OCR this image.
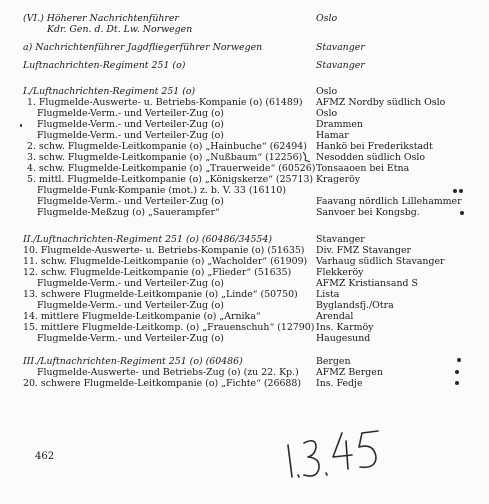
(VI.) Höherer Nachrichtenführer	Oslo
Kdr. Gen. d. Dt. Lw. Norwegen
a) Nachrichtenführer Jagdfliegerführer Norwegen	Stavanger
Luftnachrichten-Regiment 251 (o)	Stavanger
I./Luftnachrichten-Regiment 251 (o)	Oslo
1. Flugmelde-Auswerte- u. Betriebs-Kompanie (o) (61489) AFMZ Nordby südlich Oslo
Flugmelde-Verm.- und Verteiler-Zug (o)	Oslo
Flugmelde-Verm.- und Verteiler-Zug (o)	Drammen
Flugmelde-Verm.- und Verteiler-Zug (o)	Hamar
2. schw. Flugmelde-Leitkompanie (o) „Hainbuche“ (62494) Hankö bei Frederikstadt
3. schw. Flugmelde-Leitkompanie (o) „Nußbaum“ (12256) Nesodden südlich Oslo
4. schw. Flugmelde-Leitkompanie (o) „Trauerweide“ (60526) Tonsaaoen bei Etna
5. mittl. Flugmelde-Leitkompanie (o) „Königskerze“ (25713) Krageröy
Flugmelde-Funk-Kompanie (mot.) z. b. V. 33 (16110)
Flugmelde-Verm.- und Verteiler-Zug (o)	Faavang nördlich Lillehammer
Flugmelde-Meßzug (o) „Sauerampfer“	Sanvoer bei Kongsbg.
II./Luftnachrichten-Regiment 251 (o) (60486/34554)	Stavanger
10. Flugmelde-Auswerte- u. Betriebs-Kompanie (o) (51635) Div. FMZ Stavanger
11. schw. Flugmelde-Leitkompanie (o) „Wacholder“ (61909) Varhaug südlich Stavanger
12. schw. Flugmelde-Leitkompanie (o) „Flieder“ (51635)	Flekkeröy
Flugmelde-Verm.- und Verteiler-Zug (o)	AFMZ Kristiansand S
13. schwere Flugmelde-Leitkompanie (o) „Linde“ (50750) Lista
Flugmelde-Verm.- und Verteiler-Zug (o)	Byglandsfj./Otra
14. mittlere Flugmelde-Leitkompanie (o) „Arnika“	Arendal
15. mittlere Flugmelde-Leitkomp. (o) „Frauenschuh“ (12790) Ins. Karmöy
Flugmelde-Verm.- und Verteiler-Zug (o)	Haugesund
III./Luftnachrichten-Regiment 251 (o) (60486)	Bergen
Flugmelde-Auswerte- und Betriebs-Zug (o) (zu 22. Kp.) AFMZ Bergen
20. schwere Flugmelde-Leitkompanie (o) „Fichte“ (26688) Ins. Fedje
462
